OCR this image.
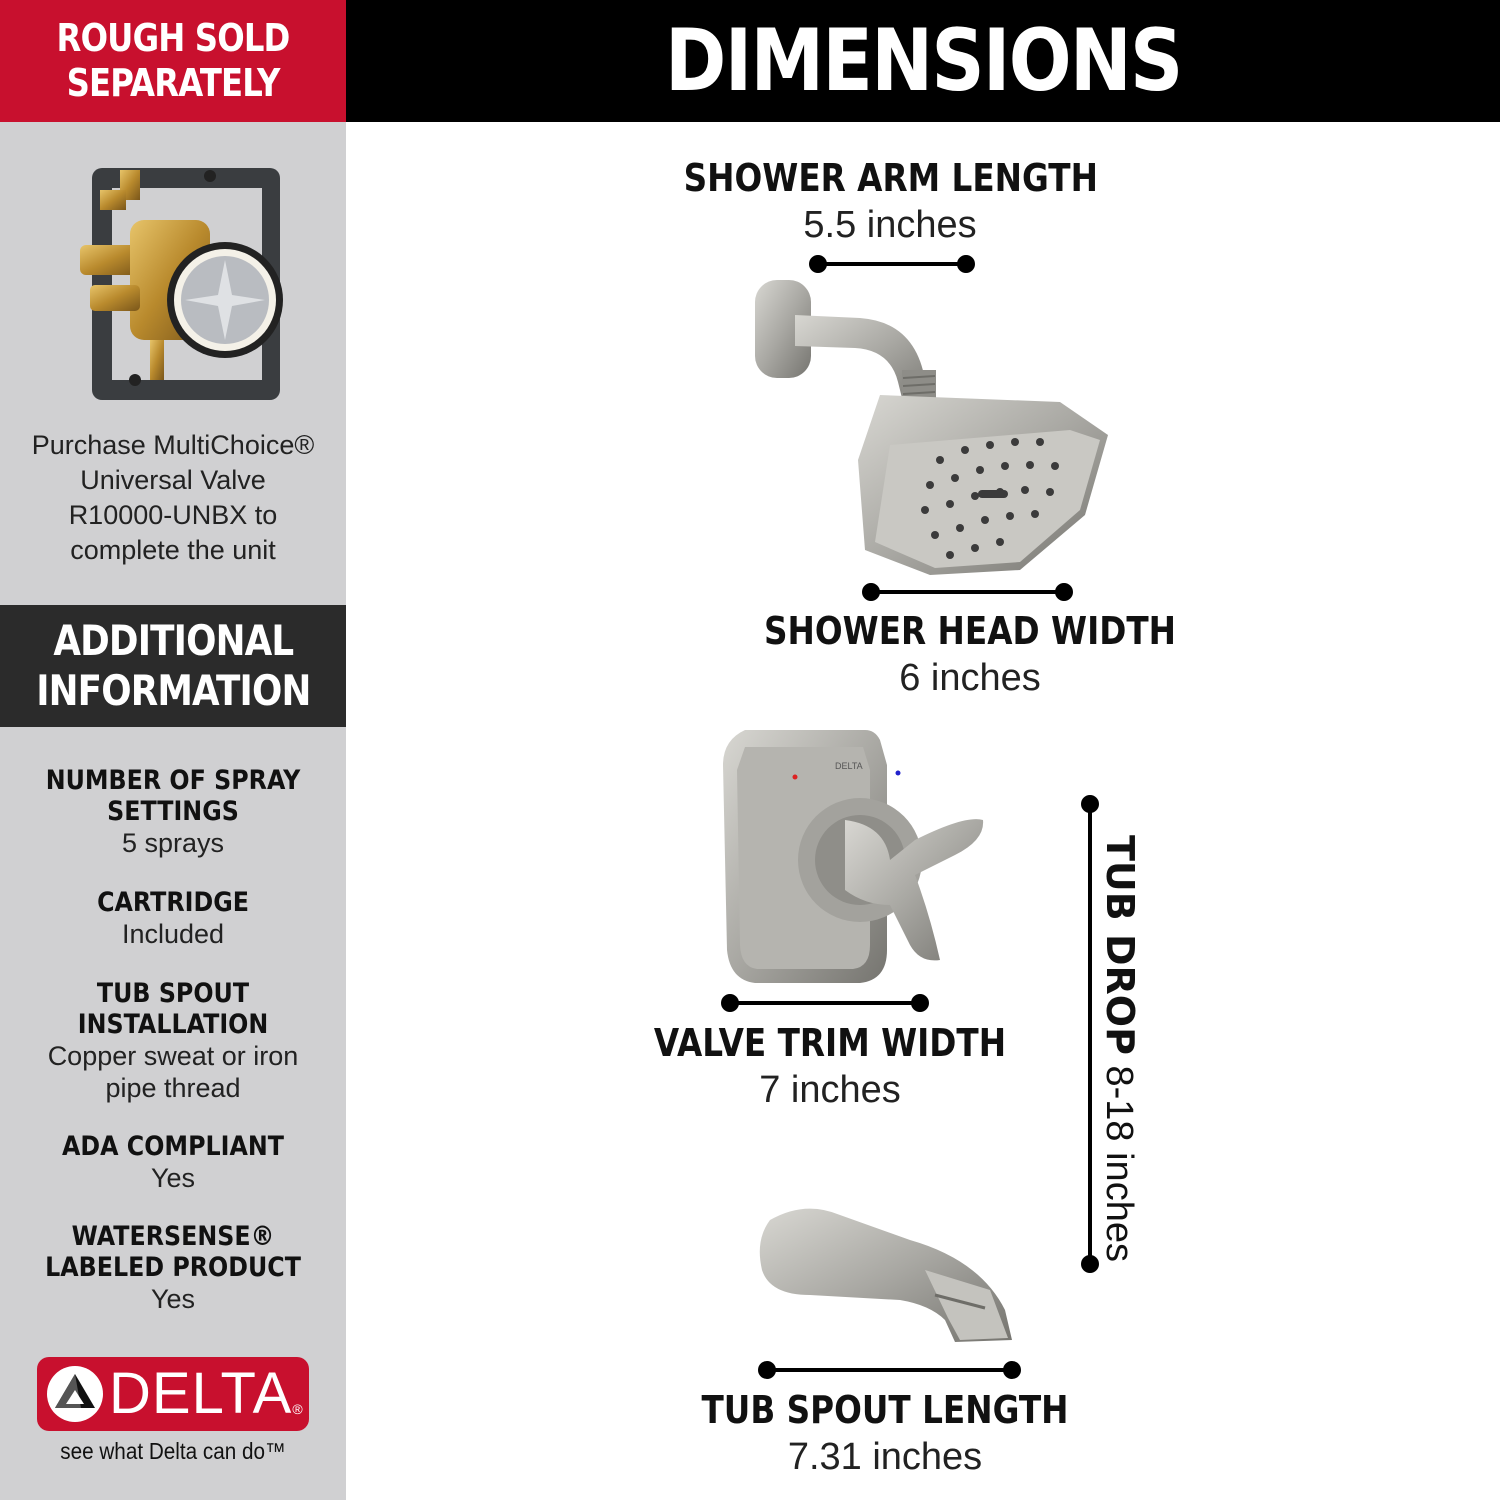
ROUGH SOLD
SEPARATELY	DIMENSIONS
Purchase MultiChoice®
Universal Valve
R10000-UNBX to
complete the unit
ADDITIONAL
INFORMATION
NUMBER OF SPRAY
SETTINGS
5 sprays
CARTRIDGE
Included
TUB SPOUT
INSTALLATION
Copper sweat or iron
pipe thread
ADA COMPLIANT
Yes
WATERSENSE®
LABELED PRODUCT
Yes
DELTA ®
see what Delta can do™
SHOWER ARM LENGTH
5.5 inches
SHOWER HEAD WIDTH
6 inches
VALVE TRIM WIDTH
7 inches
TUB SPOUT LENGTH
7.31 inches
TUB DROP 8-18 inches
DELTA
